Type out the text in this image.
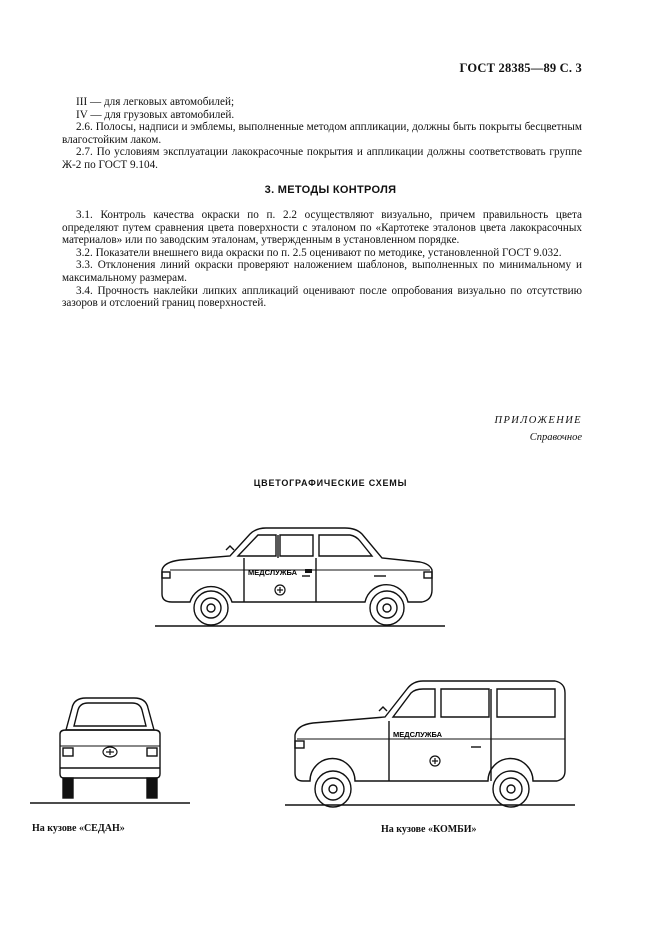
ГОСТ 28385—89 С. 3

III — для легковых автомобилей;

IV — для грузовых автомобилей.

2.6. Полосы, надписи и эмблемы, выполненные методом аппликации, должны быть покрыты бесцветным влагостойким лаком.

2.7. По условиям эксплуатации лакокрасочные покрытия и аппликации должны соответствовать группе Ж-2 по ГОСТ 9.104.

3. МЕТОДЫ КОНТРОЛЯ

3.1. Контроль качества окраски по п. 2.2 осуществляют визуально, причем правильность цвета определяют путем сравнения цвета поверхности с эталоном по «Картотеке эталонов цвета лакокрасочных материалов» или по заводским эталонам, утвержденным в установленном порядке.

3.2. Показатели внешнего вида окраски по п. 2.5 оценивают по методике, установленной ГОСТ 9.032.

3.3. Отклонения линий окраски проверяют наложением шаблонов, выполненных по минимальному и максимальному размерам.

3.4. Прочность наклейки липких аппликаций оценивают после опробования визуально по отсутствию зазоров и отслоений границ поверхностей.

ПРИЛОЖЕНИЕ
Справочное
ЦВЕТОГРАФИЧЕСКИЕ СХЕМЫ
МЕДСЛУЖБА
МЕДСЛУЖБА
На кузове «СЕДАН»	На кузове «КОМБИ»
